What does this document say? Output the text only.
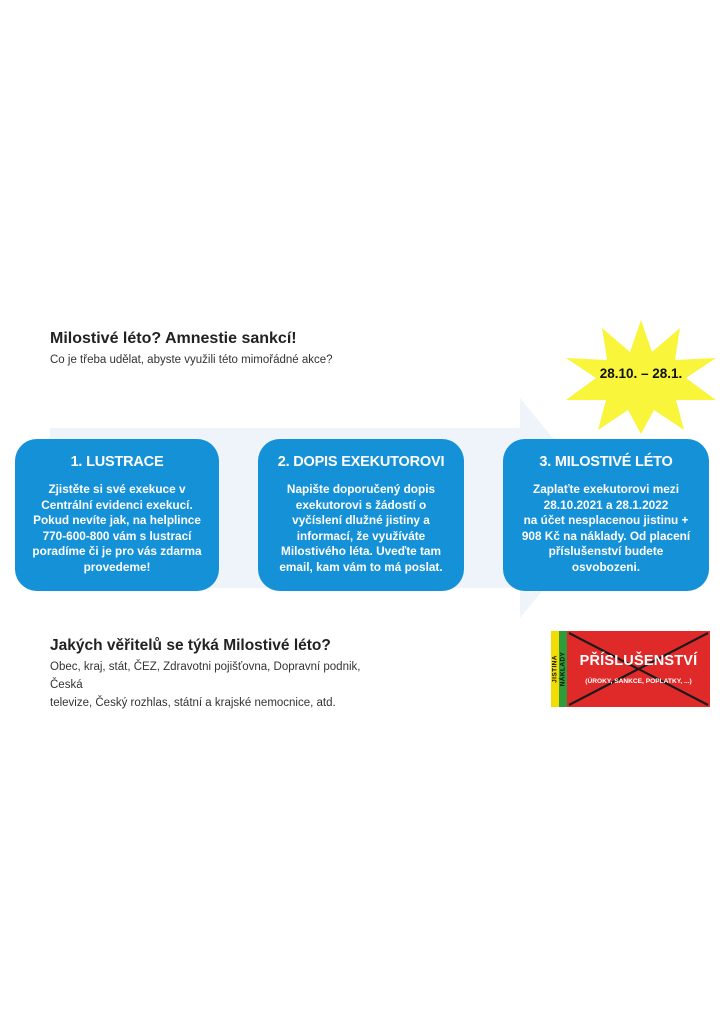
Milostivé léto? Amnestie sankcí!
Co je třeba udělat, abyste využili této mimořádné akce?
28.10. – 28.1.
1. LUSTRACE
Zjistěte si své exekuce v
Centrální evidenci exekucí.
Pokud nevíte jak, na helplince
770-600-800 vám s lustrací
poradíme či je pro vás zdarma
provedeme!
2. DOPIS EXEKUTOROVI
Napište doporučený dopis
exekutorovi s žádostí o
vyčíslení dlužné jistiny a
informací, že využíváte
Milostivého léta. Uveďte tam
email, kam vám to má poslat.
3. MILOSTIVÉ LÉTO
Zaplaťte exekutorovi mezi
28.10.2021 a 28.1.2022
na účet nesplacenou jistinu +
908 Kč na náklady. Od placení
příslušenství budete
osvobozeni.
Jakých věřitelů se týká Milostivé léto?
Obec, kraj, stát, ČEZ, Zdravotni pojišťovna, Dopravní podnik, Česká
televize, Český rozhlas, státní a krajské nemocnice, atd.
JISTINA NÁKLADY PŘÍSLUŠENSTVÍ
(ÚROKY, SANKCE, POPLATKY, ...)
